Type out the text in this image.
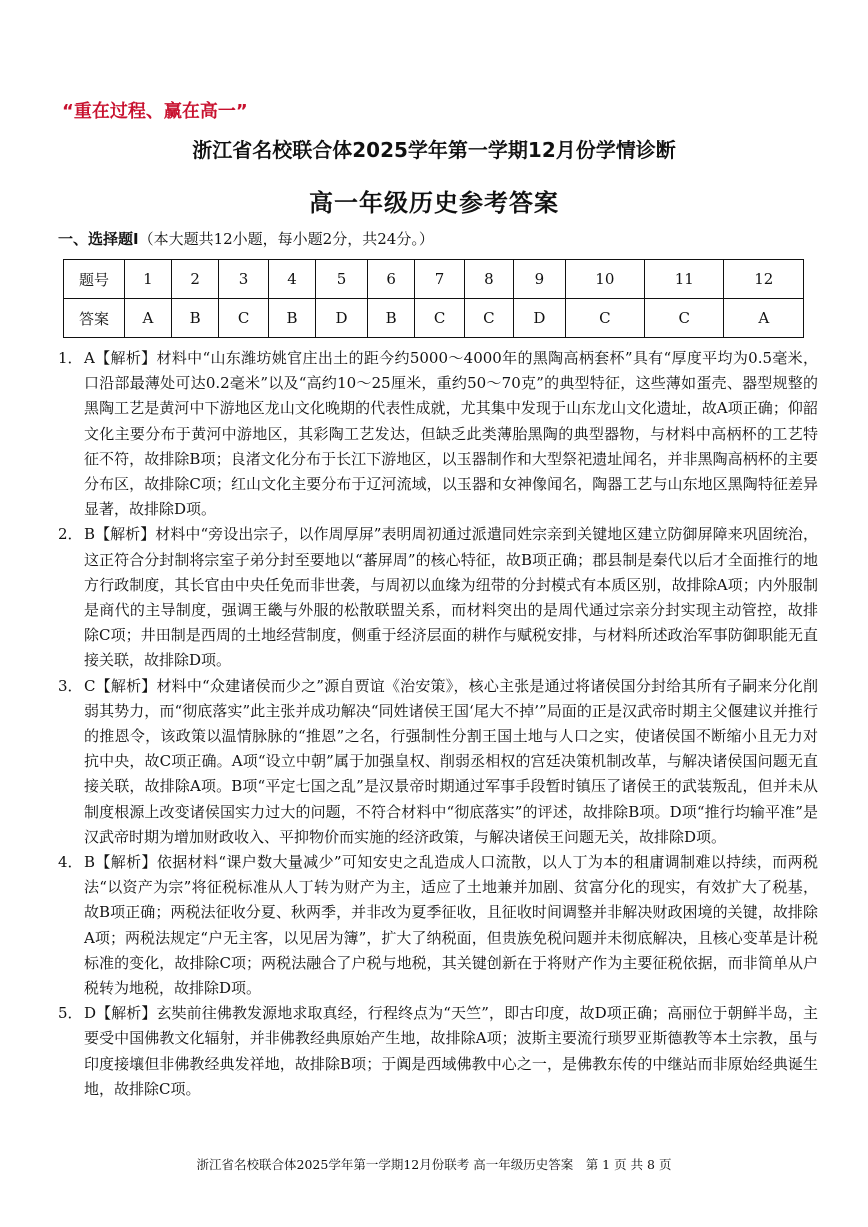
“重在过程、赢在高一”
浙江省名校联合体2025学年第一学期12月份学情诊断
高一年级历史参考答案
一、选择题Ⅰ（本大题共12小题，每小题2分，共24分。）
题号	1	2	3	4	5	6	7	8	9	10	11	12
答案	A	B	C	B	D	B	C	C	D	C	C	A
1． A【解析】材料中“山东潍坊姚官庄出土的距今约5000～4000年的黑陶高柄套杯”具有“厚度平均为0.5毫米，口沿部最薄处可达0.2毫米”以及“高约10～25厘米，重约50～70克”的典型特征，这些薄如蛋壳、器型规整的黑陶工艺是黄河中下游地区龙山文化晚期的代表性成就，尤其集中发现于山东龙山文化遗址，故A项正确；仰韶文化主要分布于黄河中游地区，其彩陶工艺发达，但缺乏此类薄胎黑陶的典型器物，与材料中高柄杯的工艺特征不符，故排除B项；良渚文化分布于长江下游地区，以玉器制作和大型祭祀遗址闻名，并非黑陶高柄杯的主要分布区，故排除C项；红山文化主要分布于辽河流域，以玉器和女神像闻名，陶器工艺与山东地区黑陶特征差异显著，故排除D项。
2． B【解析】材料中“旁设出宗子，以作周厚屏”表明周初通过派遣同姓宗亲到关键地区建立防御屏障来巩固统治，这正符合分封制将宗室子弟分封至要地以“蕃屏周”的核心特征，故B项正确；郡县制是秦代以后才全面推行的地方行政制度，其长官由中央任免而非世袭，与周初以血缘为纽带的分封模式有本质区别，故排除A项；内外服制是商代的主导制度，强调王畿与外服的松散联盟关系，而材料突出的是周代通过宗亲分封实现主动管控，故排除C项；井田制是西周的土地经营制度，侧重于经济层面的耕作与赋税安排，与材料所述政治军事防御职能无直接关联，故排除D项。
3． C【解析】材料中“众建诸侯而少之”源自贾谊《治安策》，核心主张是通过将诸侯国分封给其所有子嗣来分化削弱其势力，而“彻底落实”此主张并成功解决“同姓诸侯王国‘尾大不掉’”局面的正是汉武帝时期主父偃建议并推行的推恩令，该政策以温情脉脉的“推恩”之名，行强制性分割王国土地与人口之实，使诸侯国不断缩小且无力对抗中央，故C项正确。A项“设立中朝”属于加强皇权、削弱丞相权的宫廷决策机制改革，与解决诸侯国问题无直接关联，故排除A项。B项“平定七国之乱”是汉景帝时期通过军事手段暂时镇压了诸侯王的武装叛乱，但并未从制度根源上改变诸侯国实力过大的问题，不符合材料中“彻底落实”的评述，故排除B项。D项“推行均输平准”是汉武帝时期为增加财政收入、平抑物价而实施的经济政策，与解决诸侯王问题无关，故排除D项。
4． B【解析】依据材料“课户数大量减少”可知安史之乱造成人口流散，以人丁为本的租庸调制难以持续，而两税法“以资产为宗”将征税标准从人丁转为财产为主，适应了土地兼并加剧、贫富分化的现实，有效扩大了税基，故B项正确；两税法征收分夏、秋两季，并非改为夏季征收，且征收时间调整并非解决财政困境的关键，故排除A项；两税法规定“户无主客，以见居为簿”，扩大了纳税面，但贵族免税问题并未彻底解决，且核心变革是计税标准的变化，故排除C项；两税法融合了户税与地税，其关键创新在于将财产作为主要征税依据，而非简单从户税转为地税，故排除D项。
5． D【解析】玄奘前往佛教发源地求取真经，行程终点为“天竺”，即古印度，故D项正确；高丽位于朝鲜半岛，主要受中国佛教文化辐射，并非佛教经典原始产生地，故排除A项；波斯主要流行琐罗亚斯德教等本土宗教，虽与印度接壤但非佛教经典发祥地，故排除B项；于阗是西域佛教中心之一，是佛教东传的中继站而非原始经典诞生地，故排除C项。
浙江省名校联合体2025学年第一学期12月份联考 高一年级历史答案　第 1 页 共 8 页
